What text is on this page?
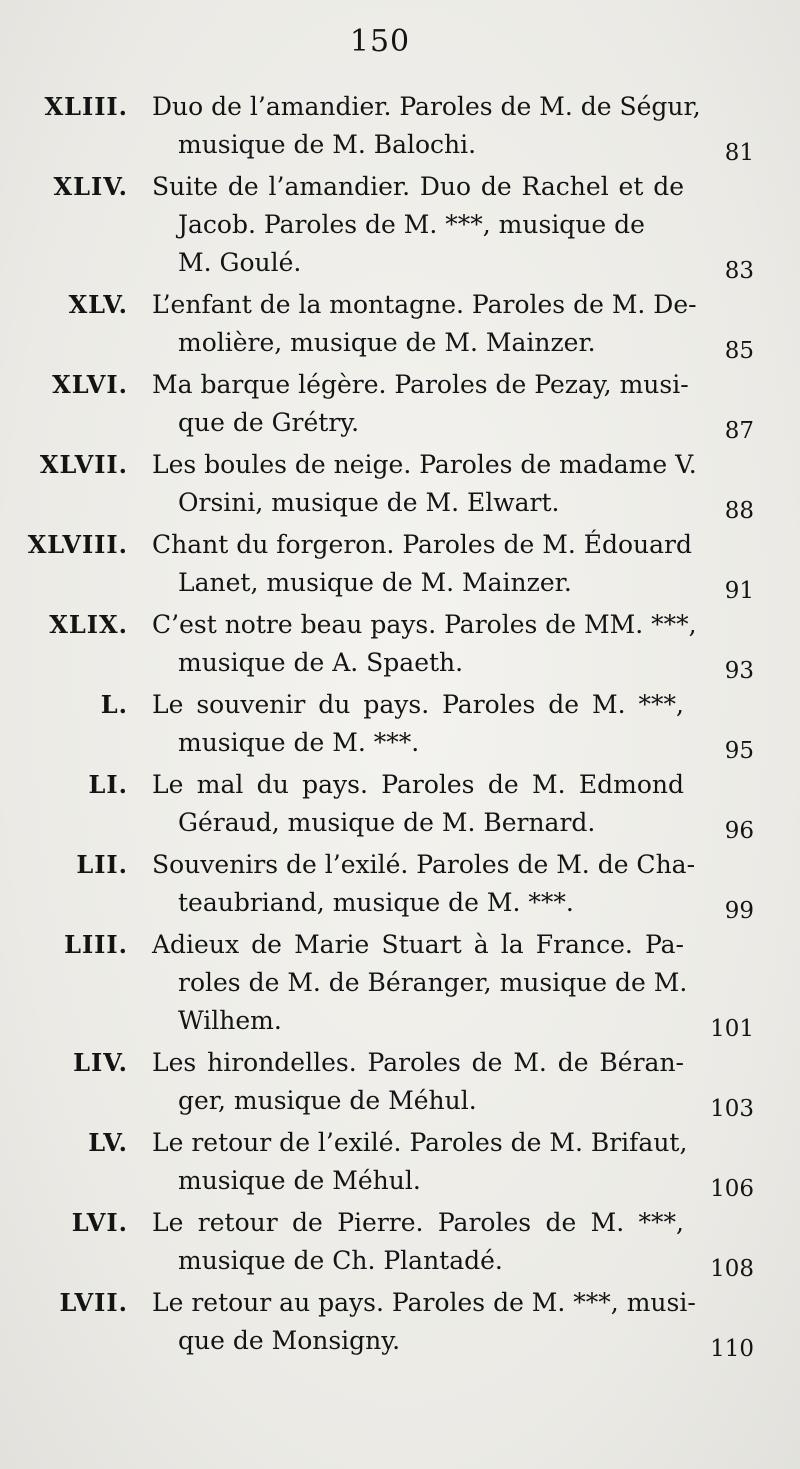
150
XLIII. Duo de l’amandier. Paroles de M. de Ségur,
musique de M. Balochi.	81
XLIV. Suite de l’amandier. Duo de Rachel et de
Jacob. Paroles de M. ***, musique de
M. Goulé.	83
XLV. L’enfant de la montagne. Paroles de M. De-
molière, musique de M. Mainzer.	85
XLVI. Ma barque légère. Paroles de Pezay, musi-
que de Grétry.	87
XLVII. Les boules de neige. Paroles de madame V.
Orsini, musique de M. Elwart.	88
XLVIII. Chant du forgeron. Paroles de M. Édouard
Lanet, musique de M. Mainzer.	91
XLIX. C’est notre beau pays. Paroles de MM. ***,
musique de A. Spaeth.	93
L. Le souvenir du pays. Paroles de M. ***,
musique de M. ***.	95
LI. Le mal du pays. Paroles de M. Edmond
Géraud, musique de M. Bernard.	96
LII. Souvenirs de l’exilé. Paroles de M. de Cha-
teaubriand, musique de M. ***.	99
LIII. Adieux de Marie Stuart à la France. Pa-
roles de M. de Béranger, musique de M.
Wilhem.	101
LIV. Les hirondelles. Paroles de M. de Béran-
ger, musique de Méhul.	103
LV. Le retour de l’exilé. Paroles de M. Brifaut,
musique de Méhul.	106
LVI. Le retour de Pierre. Paroles de M. ***,
musique de Ch. Plantadé.	108
LVII. Le retour au pays. Paroles de M. ***, musi-
que de Monsigny.	110
